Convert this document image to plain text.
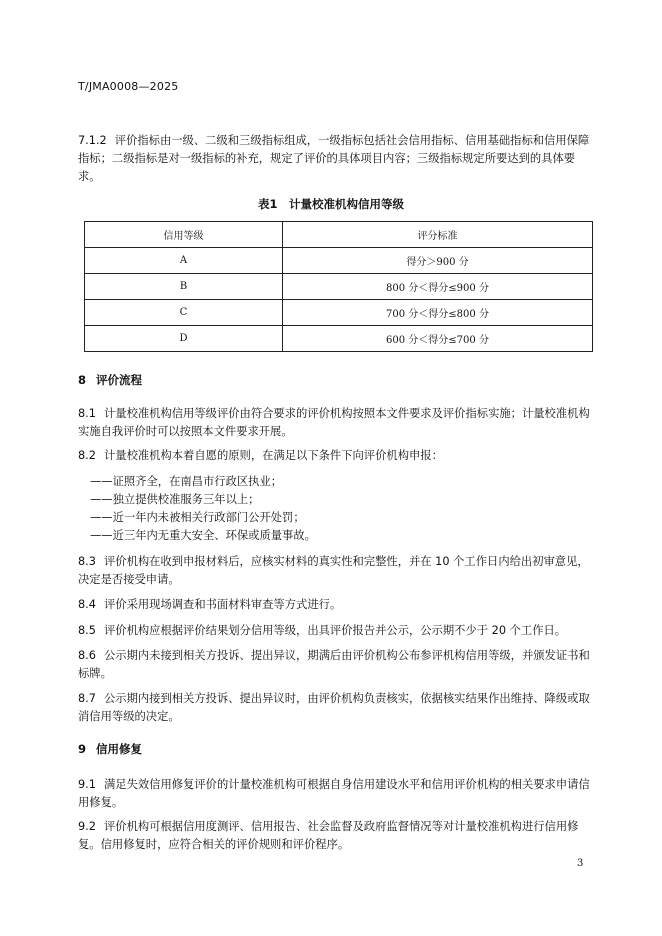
T/JMA0008—2025
7.1.2 评价指标由一级、二级和三级指标组成，一级指标包括社会信用指标、信用基础指标和信用保障指标；二级指标是对一级指标的补充，规定了评价的具体项目内容；三级指标规定所要达到的具体要求。
表1　计量校准机构信用等级
信用等级	评分标准
A	得分＞900 分
B	800 分＜得分≤900 分
C	700 分＜得分≤800 分
D	600 分＜得分≤700 分
8 评价流程
8.1 计量校准机构信用等级评价由符合要求的评价机构按照本文件要求及评价指标实施；计量校准机构实施自我评价时可以按照本文件要求开展。
8.2 计量校准机构本着自愿的原则，在满足以下条件下向评价机构申报：
——证照齐全，在南昌市行政区执业；
——独立提供校准服务三年以上；
——近一年内未被相关行政部门公开处罚；
——近三年内无重大安全、环保或质量事故。
8.3 评价机构在收到申报材料后，应核实材料的真实性和完整性，并在 10 个工作日内给出初审意见，决定是否接受申请。
8.4 评价采用现场调查和书面材料审查等方式进行。
8.5 评价机构应根据评价结果划分信用等级，出具评价报告并公示，公示期不少于 20 个工作日。
8.6 公示期内未接到相关方投诉、提出异议，期满后由评价机构公布参评机构信用等级，并颁发证书和标牌。
8.7 公示期内接到相关方投诉、提出异议时，由评价机构负责核实，依据核实结果作出维持、降级或取消信用等级的决定。
9 信用修复
9.1 满足失效信用修复评价的计量校准机构可根据自身信用建设水平和信用评价机构的相关要求申请信用修复。
9.2 评价机构可根据信用度测评、信用报告、社会监督及政府监督情况等对计量校准机构进行信用修复。信用修复时，应符合相关的评价规则和评价程序。
3
